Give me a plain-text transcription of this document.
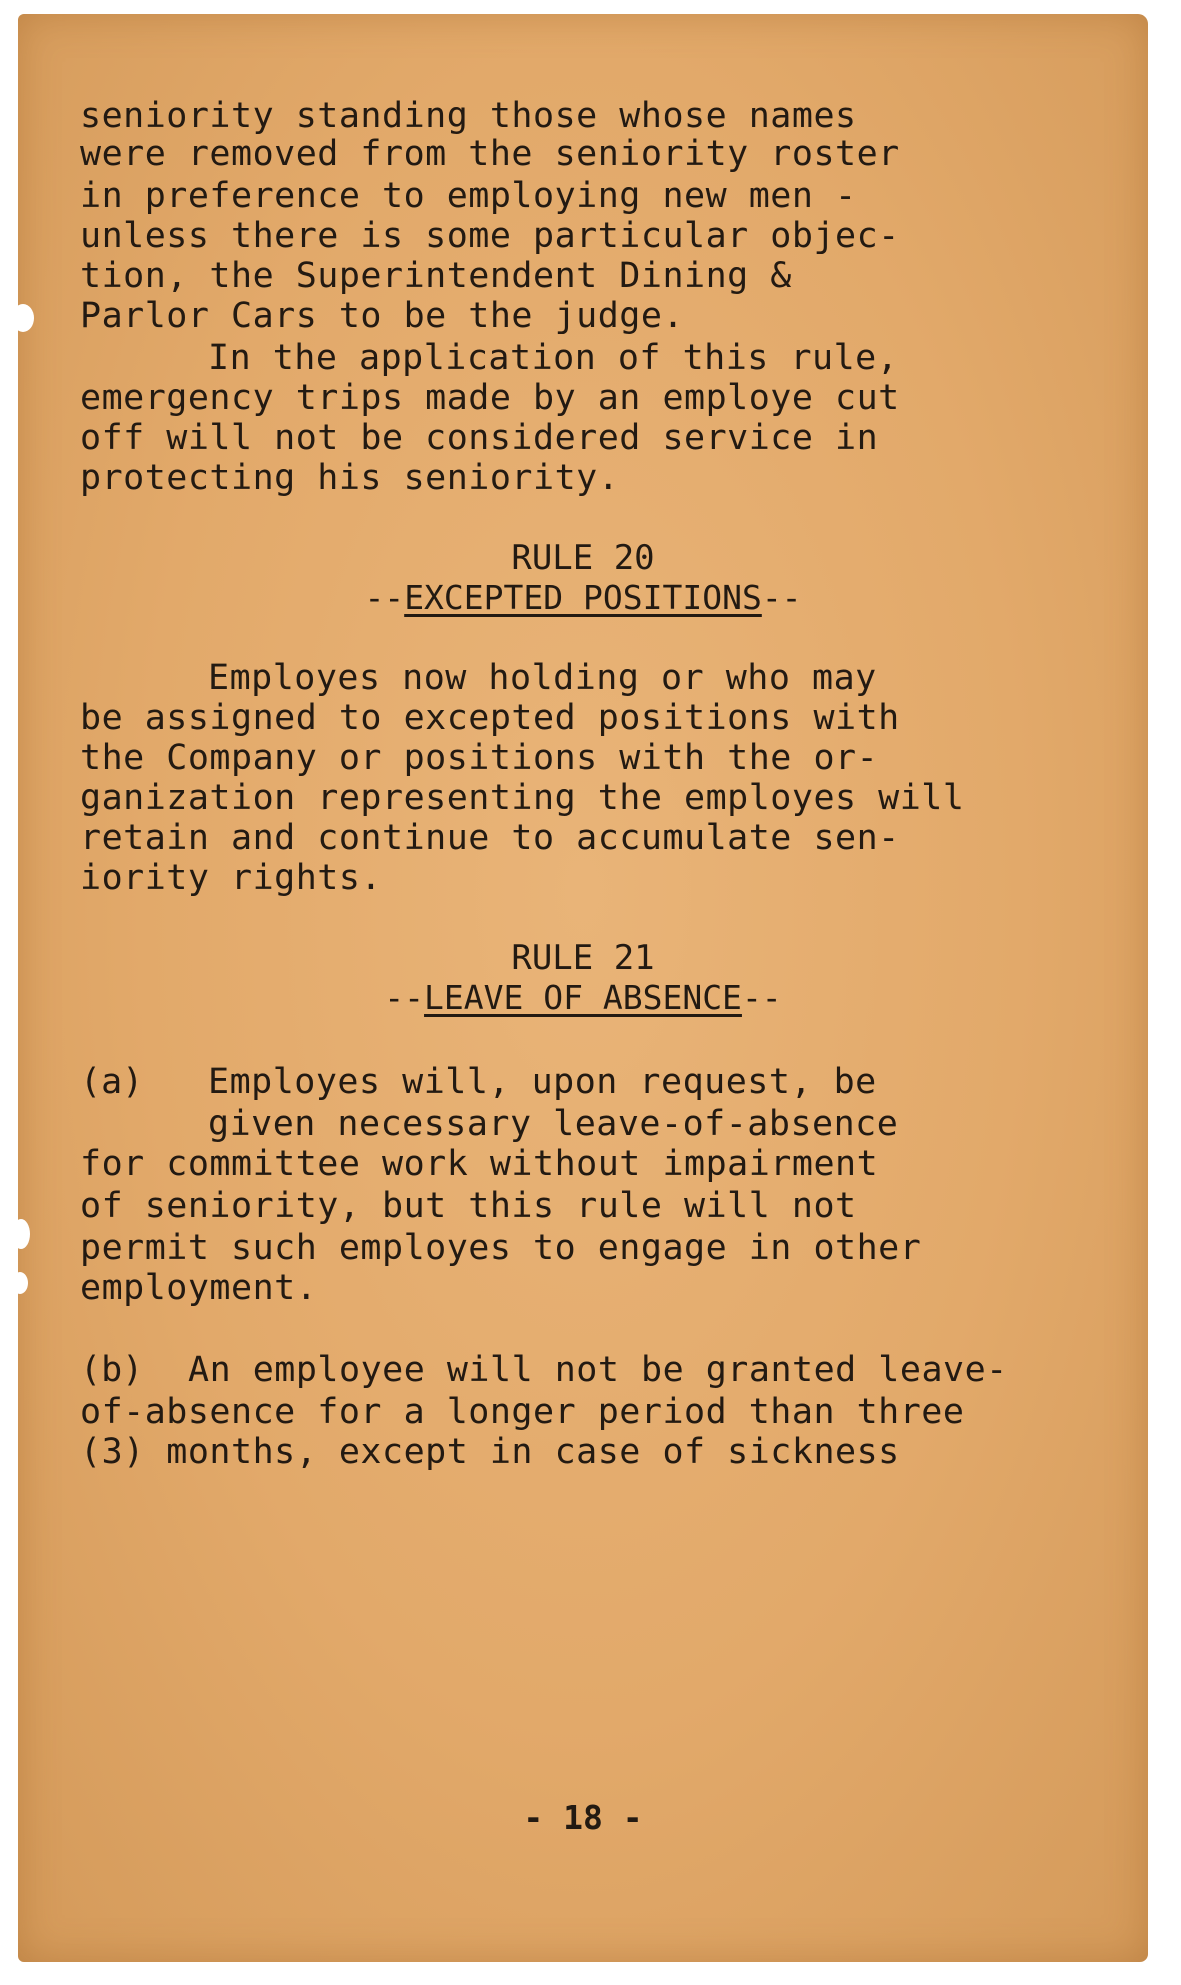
seniority standing those whose names
were removed from the seniority roster
in preference to employing new men -
unless there is some particular objec-
tion, the Superintendent Dining &
Parlor Cars to be the judge.
In the application of this rule,
emergency trips made by an employe cut
off will not be considered service in
protecting his seniority.
RULE 20
--EXCEPTED POSITIONS--
Employes now holding or who may
be assigned to excepted positions with
the Company or positions with the or-
ganization representing the employes will
retain and continue to accumulate sen-
iority rights.
RULE 21
--LEAVE OF ABSENCE--
(a) Employes will, upon request, be
given necessary leave-of-absence
for committee work without impairment
of seniority, but this rule will not
permit such employes to engage in other
employment.
(b) An employee will not be granted leave-
of-absence for a longer period than three
(3) months, except in case of sickness
- 18 -
